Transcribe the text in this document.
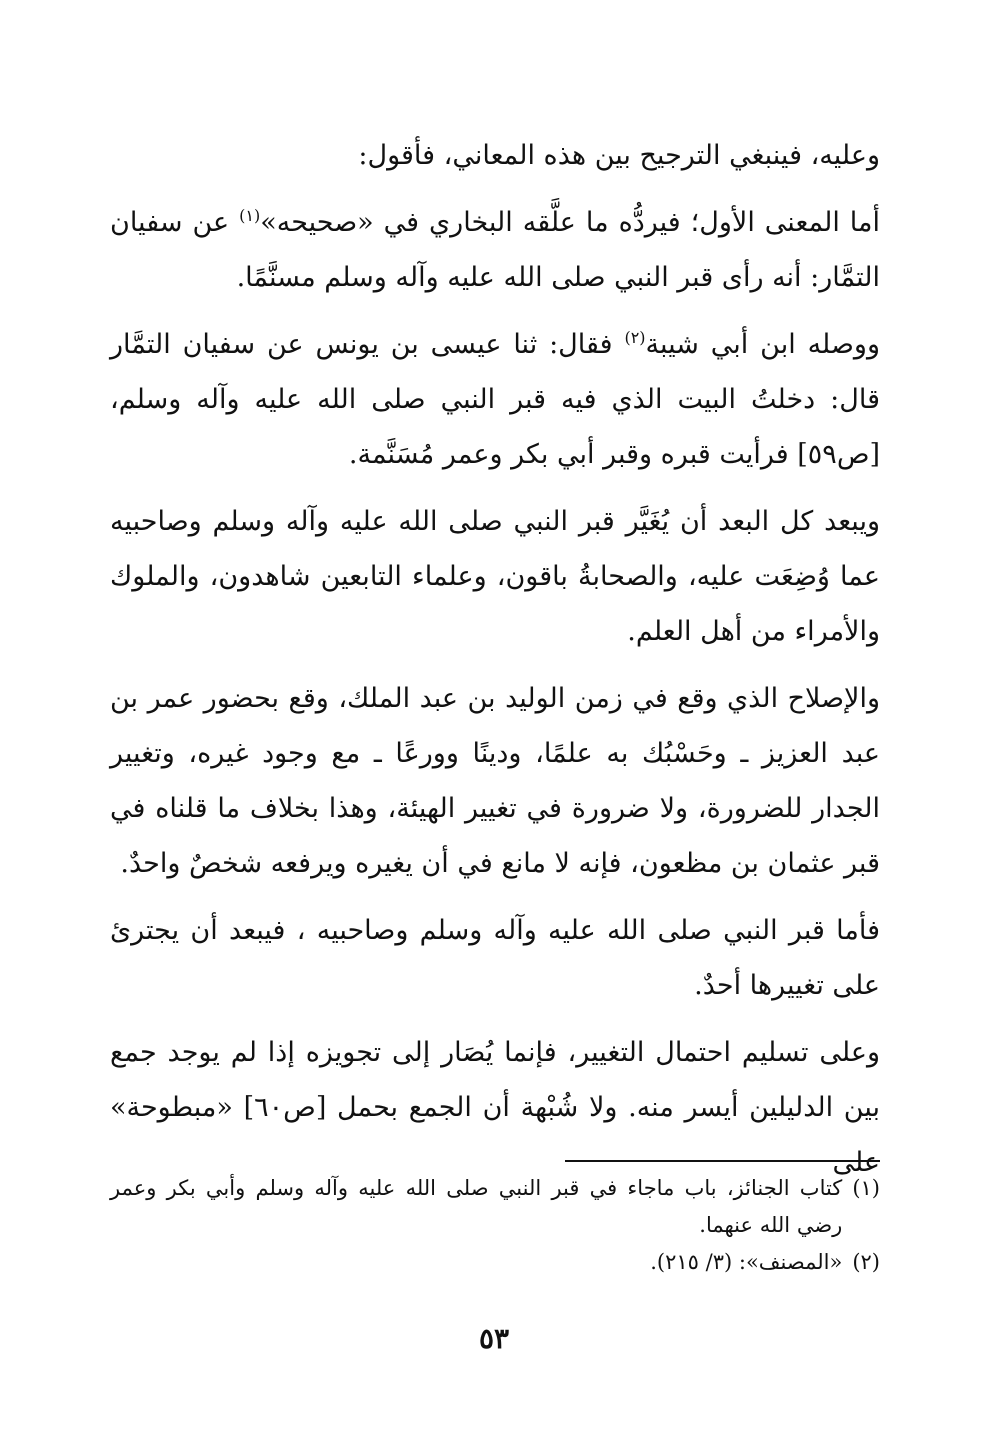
وعليه، فينبغي الترجيح بين هذه المعاني، فأقول:

أما المعنى الأول؛ فيردُّه ما علَّقه البخاري في «صحيحه»$^{(١)}$ عن سفيان التمَّار: أنه رأى قبر النبي صلى الله عليه وآله وسلم مسنَّمًا.

ووصله ابن أبي شيبة$^{(٢)}$ فقال: ثنا عيسى بن يونس عن سفيان التمَّار قال: دخلتُ البيت الذي فيه قبر النبي صلى الله عليه وآله وسلم، [ص٥٩] فرأيت قبره وقبر أبي بكر وعمر مُسَنَّمة.

ويبعد كل البعد أن يُغَيَّر قبر النبي صلى الله عليه وآله وسلم وصاحبيه عما وُضِعَت عليه، والصحابةُ باقون، وعلماء التابعين شاهدون، والملوك والأمراء من أهل العلم.

والإصلاح الذي وقع في زمن الوليد بن عبد الملك، وقع بحضور عمر بن عبد العزيز ـ وحَسْبُك به علمًا، ودينًا وورعًا ـ مع وجود غيره، وتغيير الجدار للضرورة، ولا ضرورة في تغيير الهيئة، وهذا بخلاف ما قلناه في قبر عثمان بن مظعون، فإنه لا مانع في أن يغيره ويرفعه شخصٌ واحدٌ.

فأما قبر النبي صلى الله عليه وآله وسلم وصاحبيه ، فيبعد أن يجترئ على تغييرها أحدٌ.

وعلى تسليم احتمال التغيير، فإنما يُصَار إلى تجويزه إذا لم يوجد جمع بين الدليلين أيسر منه. ولا شُبْهة أن الجمع بحمل [ص٦٠] «مبطوحة» على

(١)
كتاب الجنائز، باب ماجاء في قبر النبي صلى الله عليه وآله وسلم وأبي بكر وعمر رضي الله عنهما.
(٢)
«المصنف»: (٣/ ٢١٥).
٥٣
